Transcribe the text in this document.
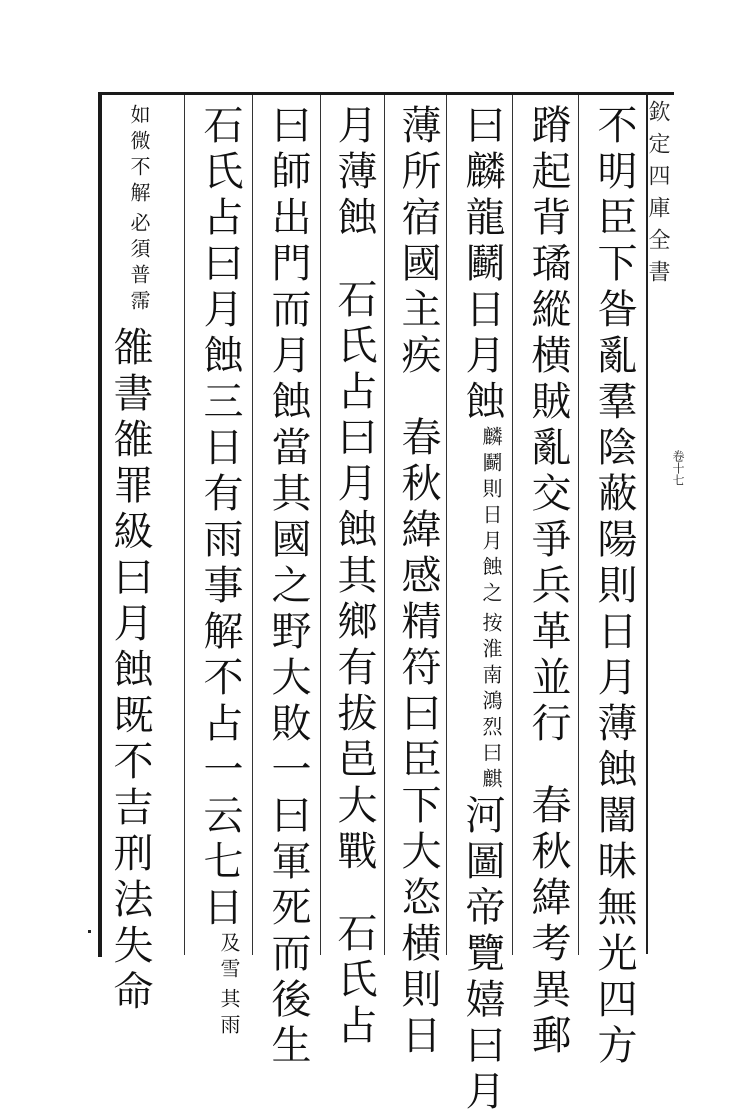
欽定四庫全書
卷十七
不明臣下昝亂羣陰蔽陽則日月薄蝕闇昧無光四方
蹐起背璚縱横賊亂交爭兵革並行春秋緯考異郵
曰麟龍鬬日月蝕
按淮南鴻烈曰麒
麟鬬則日月蝕之
河圖帝覽嬉曰月
薄所宿國主疾春秋緯感精符曰臣下大恣横則日
月薄蝕石氏占曰月蝕其鄉有拔邑大戰石氏占
曰師出門而月蝕當其國之野大敗一曰軍死而後生
石氏占曰月蝕三日有雨事解不占一云七日
其雨
及雪
必須普霈
如微不解
雒書雒罪級曰月蝕既不吉刑法失命
